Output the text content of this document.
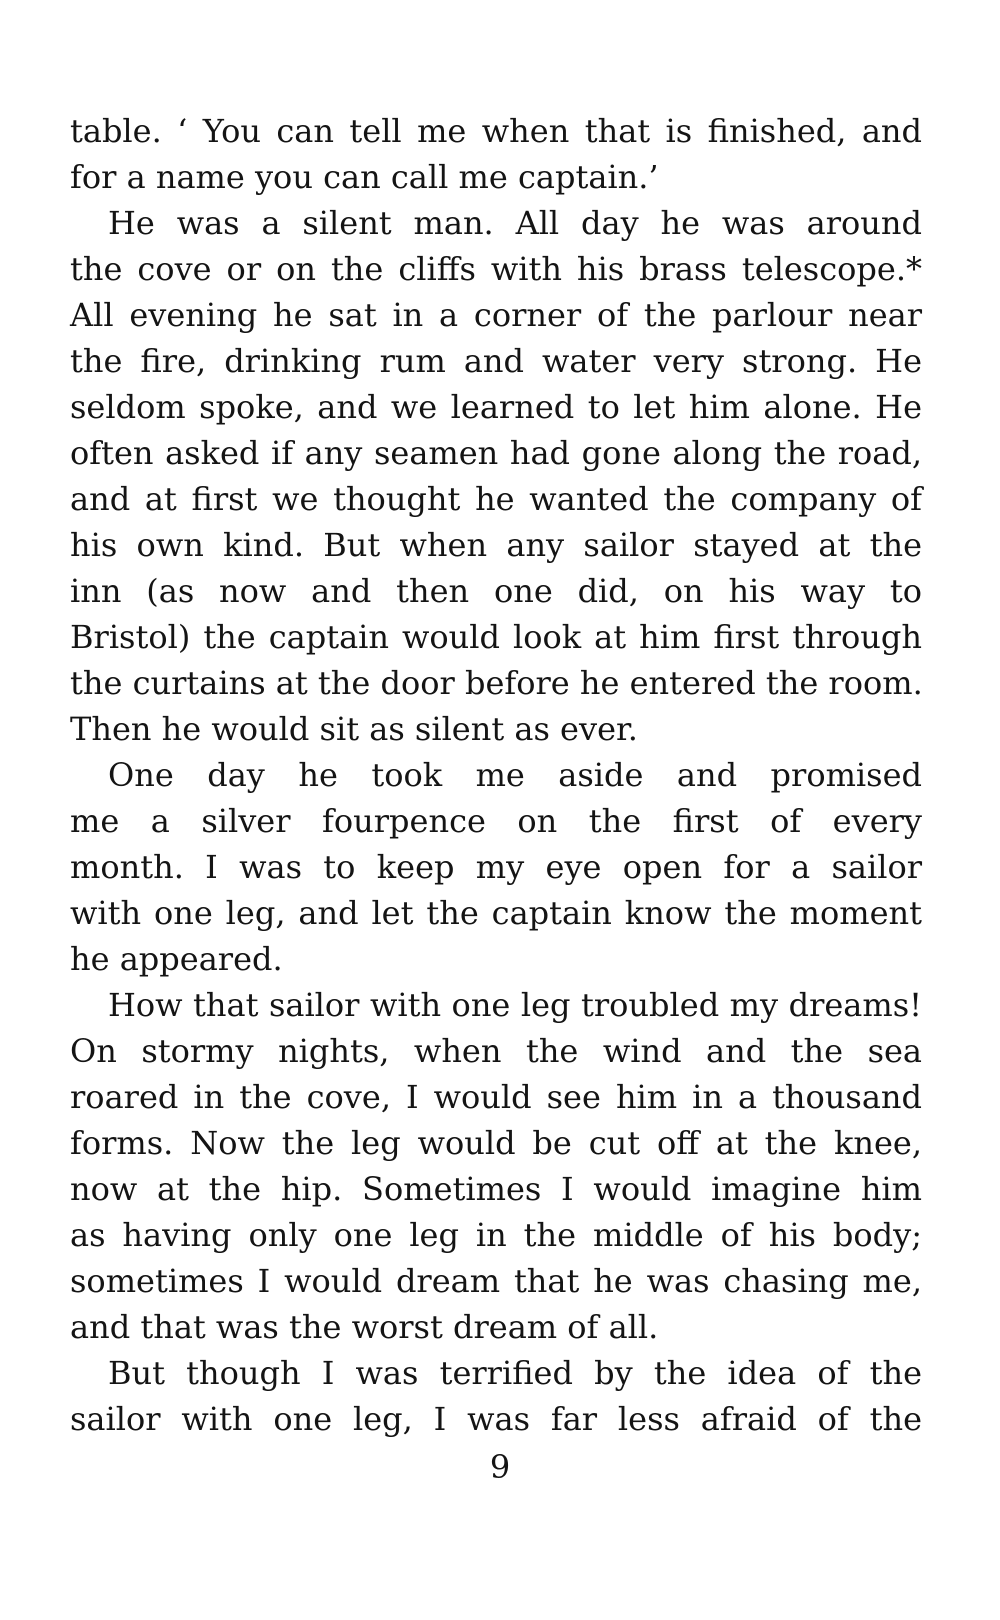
table. ‘ You can tell me when that is finished, and
for a name you can call me captain.’
He was a silent man. All day he was around
the cove or on the cliffs with his brass telescope.*
All evening he sat in a corner of the parlour near
the fire, drinking rum and water very strong. He
seldom spoke, and we learned to let him alone. He
often asked if any seamen had gone along the road,
and at first we thought he wanted the company of
his own kind. But when any sailor stayed at the
inn (as now and then one did, on his way to
Bristol) the captain would look at him first through
the curtains at the door before he entered the room.
Then he would sit as silent as ever.
One day he took me aside and promised
me a silver fourpence on the first of every
month. I was to keep my eye open for a sailor
with one leg, and let the captain know the moment
he appeared.
How that sailor with one leg troubled my dreams!
On stormy nights, when the wind and the sea
roared in the cove, I would see him in a thousand
forms. Now the leg would be cut off at the knee,
now at the hip. Sometimes I would imagine him
as having only one leg in the middle of his body;
sometimes I would dream that he was chasing me,
and that was the worst dream of all.
But though I was terrified by the idea of the
sailor with one leg, I was far less afraid of the
9
